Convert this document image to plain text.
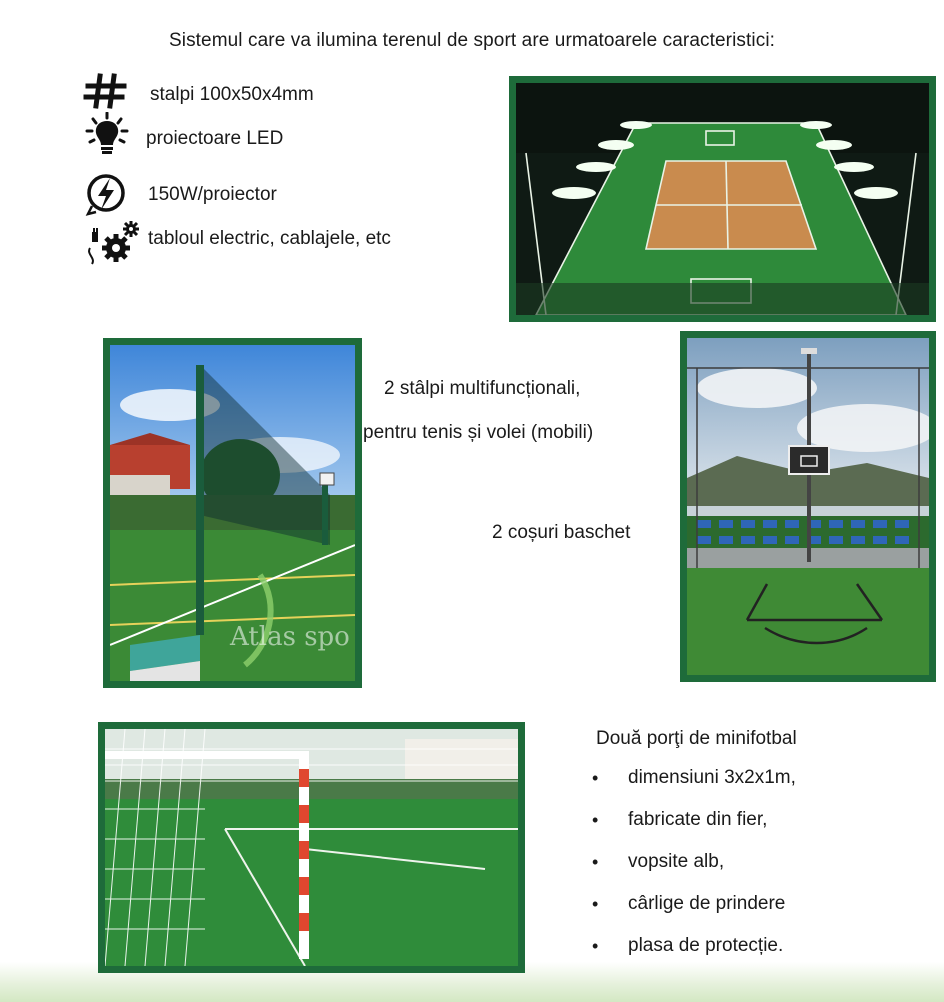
Sistemul care va ilumina terenul de sport are urmatoarele caracteristici:
stalpi 100x50x4mm
proiectoare LED
150W/proiector
tabloul electric, cablajele, etc
Atlas spo
2 stâlpi multifuncționali,
pentru tenis și volei (mobili)
2 coșuri baschet
Două porţi de minifotbal
• dimensiuni 3x2x1m,
• fabricate din fier,
• vopsite alb,
• cârlige de prindere
• plasa de protecție.
